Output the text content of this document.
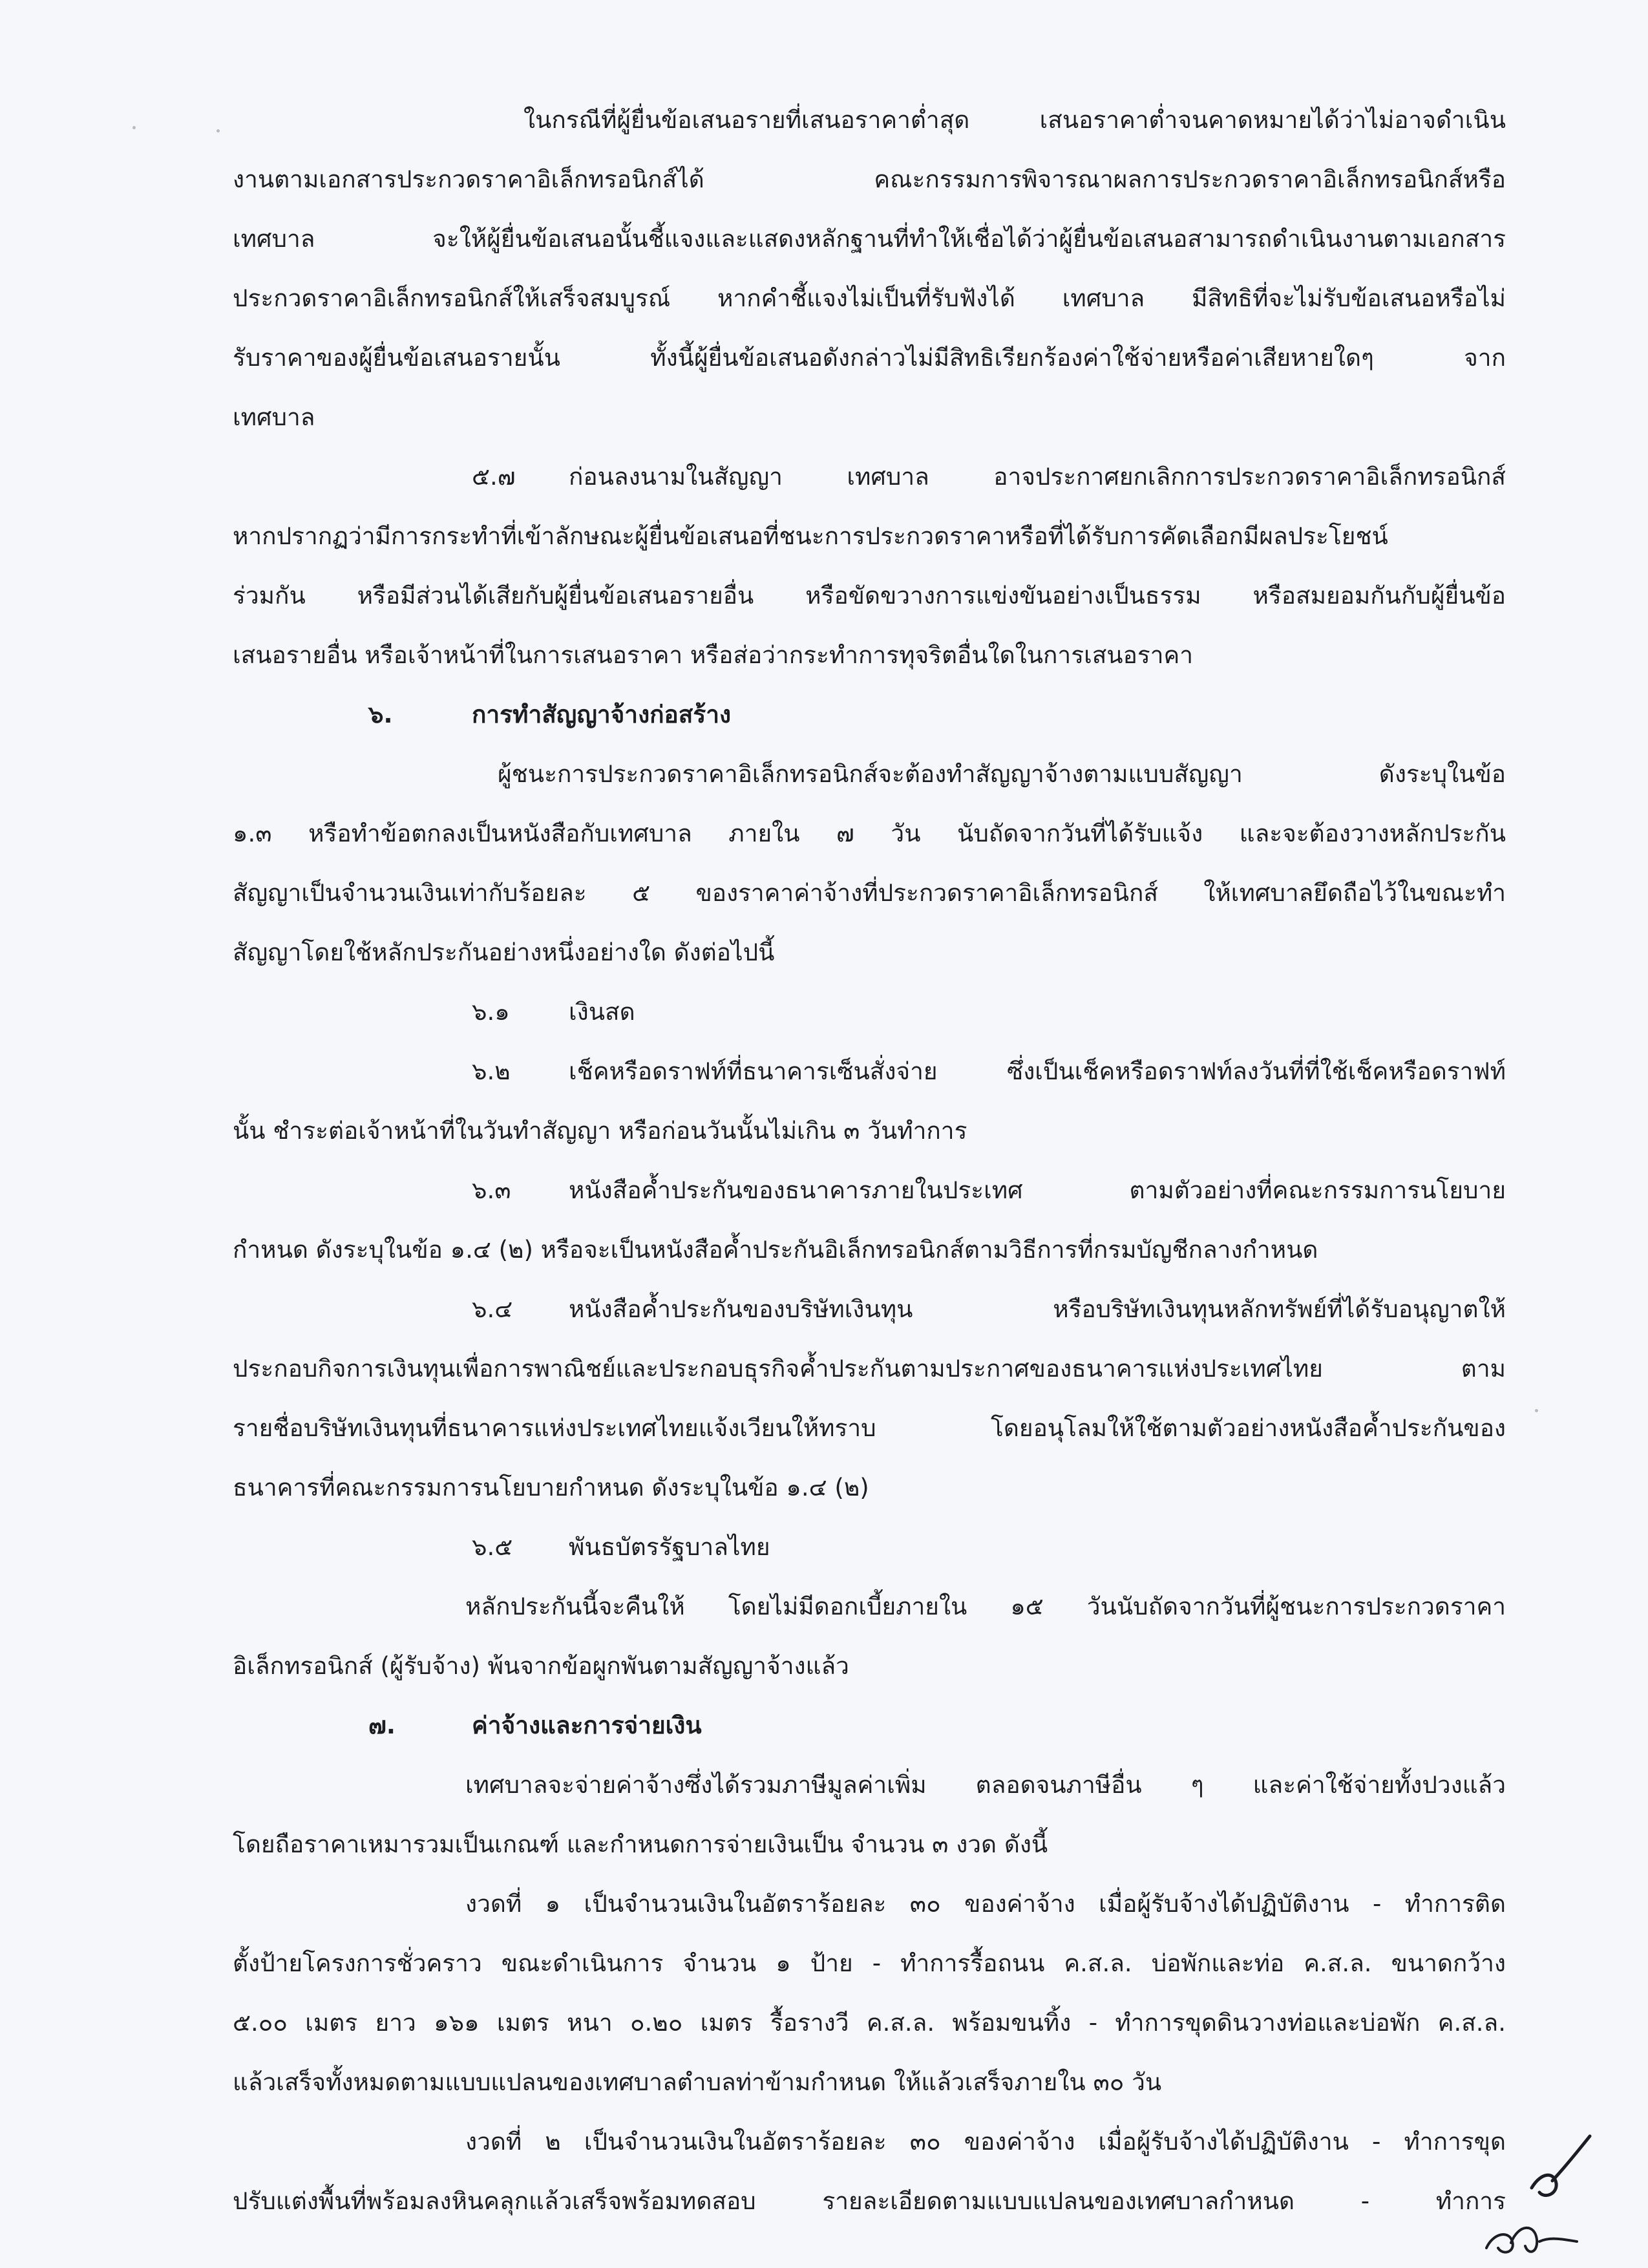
ในกรณีที่ผู้ยื่นข้อเสนอรายที่เสนอราคาต่ำสุด เสนอราคาต่ำจนคาดหมายได้ว่าไม่อาจดำเนิน
งานตามเอกสารประกวดราคาอิเล็กทรอนิกส์ได้ คณะกรรมการพิจารณาผลการประกวดราคาอิเล็กทรอนิกส์หรือ
เทศบาล จะให้ผู้ยื่นข้อเสนอนั้นชี้แจงและแสดงหลักฐานที่ทำให้เชื่อได้ว่าผู้ยื่นข้อเสนอสามารถดำเนินงานตามเอกสาร
ประกวดราคาอิเล็กทรอนิกส์ให้เสร็จสมบูรณ์ หากคำชี้แจงไม่เป็นที่รับฟังได้ เทศบาล มีสิทธิที่จะไม่รับข้อเสนอหรือไม่
รับราคาของผู้ยื่นข้อเสนอรายนั้น ทั้งนี้ผู้ยื่นข้อเสนอดังกล่าวไม่มีสิทธิเรียกร้องค่าใช้จ่ายหรือค่าเสียหายใดๆ จาก
เทศบาล
๕.๗ ก่อนลงนามในสัญญา เทศบาล อาจประกาศยกเลิกการประกวดราคาอิเล็กทรอนิกส์
หากปรากฏว่ามีการกระทำที่เข้าลักษณะผู้ยื่นข้อเสนอที่ชนะการประกวดราคาหรือที่ได้รับการคัดเลือกมีผลประโยชน์
ร่วมกัน หรือมีส่วนได้เสียกับผู้ยื่นข้อเสนอรายอื่น หรือขัดขวางการแข่งขันอย่างเป็นธรรม หรือสมยอมกันกับผู้ยื่นข้อ
เสนอรายอื่น หรือเจ้าหน้าที่ในการเสนอราคา หรือส่อว่ากระทำการทุจริตอื่นใดในการเสนอราคา
๖.	การทำสัญญาจ้างก่อสร้าง
ผู้ชนะการประกวดราคาอิเล็กทรอนิกส์จะต้องทำสัญญาจ้างตามแบบสัญญา ดังระบุในข้อ
๑.๓ หรือทำข้อตกลงเป็นหนังสือกับเทศบาล ภายใน ๗ วัน นับถัดจากวันที่ได้รับแจ้ง และจะต้องวางหลักประกัน
สัญญาเป็นจำนวนเงินเท่ากับร้อยละ ๕ ของราคาค่าจ้างที่ประกวดราคาอิเล็กทรอนิกส์ ให้เทศบาลยึดถือไว้ในขณะทำ
สัญญาโดยใช้หลักประกันอย่างหนึ่งอย่างใด ดังต่อไปนี้
๖.๑ เงินสด
๖.๒ เช็คหรือดราฟท์ที่ธนาคารเซ็นสั่งจ่าย ซึ่งเป็นเช็คหรือดราฟท์ลงวันที่ที่ใช้เช็คหรือดราฟท์
นั้น ชำระต่อเจ้าหน้าที่ในวันทำสัญญา หรือก่อนวันนั้นไม่เกิน ๓ วันทำการ
๖.๓ หนังสือค้ำประกันของธนาคารภายในประเทศ ตามตัวอย่างที่คณะกรรมการนโยบาย
กำหนด ดังระบุในข้อ ๑.๔ (๒) หรือจะเป็นหนังสือค้ำประกันอิเล็กทรอนิกส์ตามวิธีการที่กรมบัญชีกลางกำหนด
๖.๔ หนังสือค้ำประกันของบริษัทเงินทุน หรือบริษัทเงินทุนหลักทรัพย์ที่ได้รับอนุญาตให้
ประกอบกิจการเงินทุนเพื่อการพาณิชย์และประกอบธุรกิจค้ำประกันตามประกาศของธนาคารแห่งประเทศไทย ตาม
รายชื่อบริษัทเงินทุนที่ธนาคารแห่งประเทศไทยแจ้งเวียนให้ทราบ โดยอนุโลมให้ใช้ตามตัวอย่างหนังสือค้ำประกันของ
ธนาคารที่คณะกรรมการนโยบายกำหนด ดังระบุในข้อ ๑.๔ (๒)
๖.๕ พันธบัตรรัฐบาลไทย
หลักประกันนี้จะคืนให้ โดยไม่มีดอกเบี้ยภายใน ๑๕ วันนับถัดจากวันที่ผู้ชนะการประกวดราคา
อิเล็กทรอนิกส์ (ผู้รับจ้าง) พ้นจากข้อผูกพันตามสัญญาจ้างแล้ว
๗.	ค่าจ้างและการจ่ายเงิน
เทศบาลจะจ่ายค่าจ้างซึ่งได้รวมภาษีมูลค่าเพิ่ม ตลอดจนภาษีอื่น ๆ และค่าใช้จ่ายทั้งปวงแล้ว
โดยถือราคาเหมารวมเป็นเกณฑ์ และกำหนดการจ่ายเงินเป็น จำนวน ๓ งวด ดังนี้
งวดที่ ๑ เป็นจำนวนเงินในอัตราร้อยละ ๓๐ ของค่าจ้าง เมื่อผู้รับจ้างได้ปฏิบัติงาน - ทำการติด
ตั้งป้ายโครงการชั่วคราว ขณะดำเนินการ จำนวน ๑ ป้าย - ทำการรื้อถนน ค.ส.ล. บ่อพักและท่อ ค.ส.ล. ขนาดกว้าง
๕.๐๐ เมตร ยาว ๑๖๑ เมตร หนา ๐.๒๐ เมตร รื้อรางวี ค.ส.ล. พร้อมขนทิ้ง - ทำการขุดดินวางท่อและบ่อพัก ค.ส.ล.
แล้วเสร็จทั้งหมดตามแบบแปลนของเทศบาลตำบลท่าข้ามกำหนด ให้แล้วเสร็จภายใน ๓๐ วัน
งวดที่ ๒ เป็นจำนวนเงินในอัตราร้อยละ ๓๐ ของค่าจ้าง เมื่อผู้รับจ้างได้ปฏิบัติงาน - ทำการขุด
ปรับแต่งพื้นที่พร้อมลงหินคลุกแล้วเสร็จพร้อมทดสอบ รายละเอียดตามแบบแปลนของเทศบาลกำหนด - ทำการ
